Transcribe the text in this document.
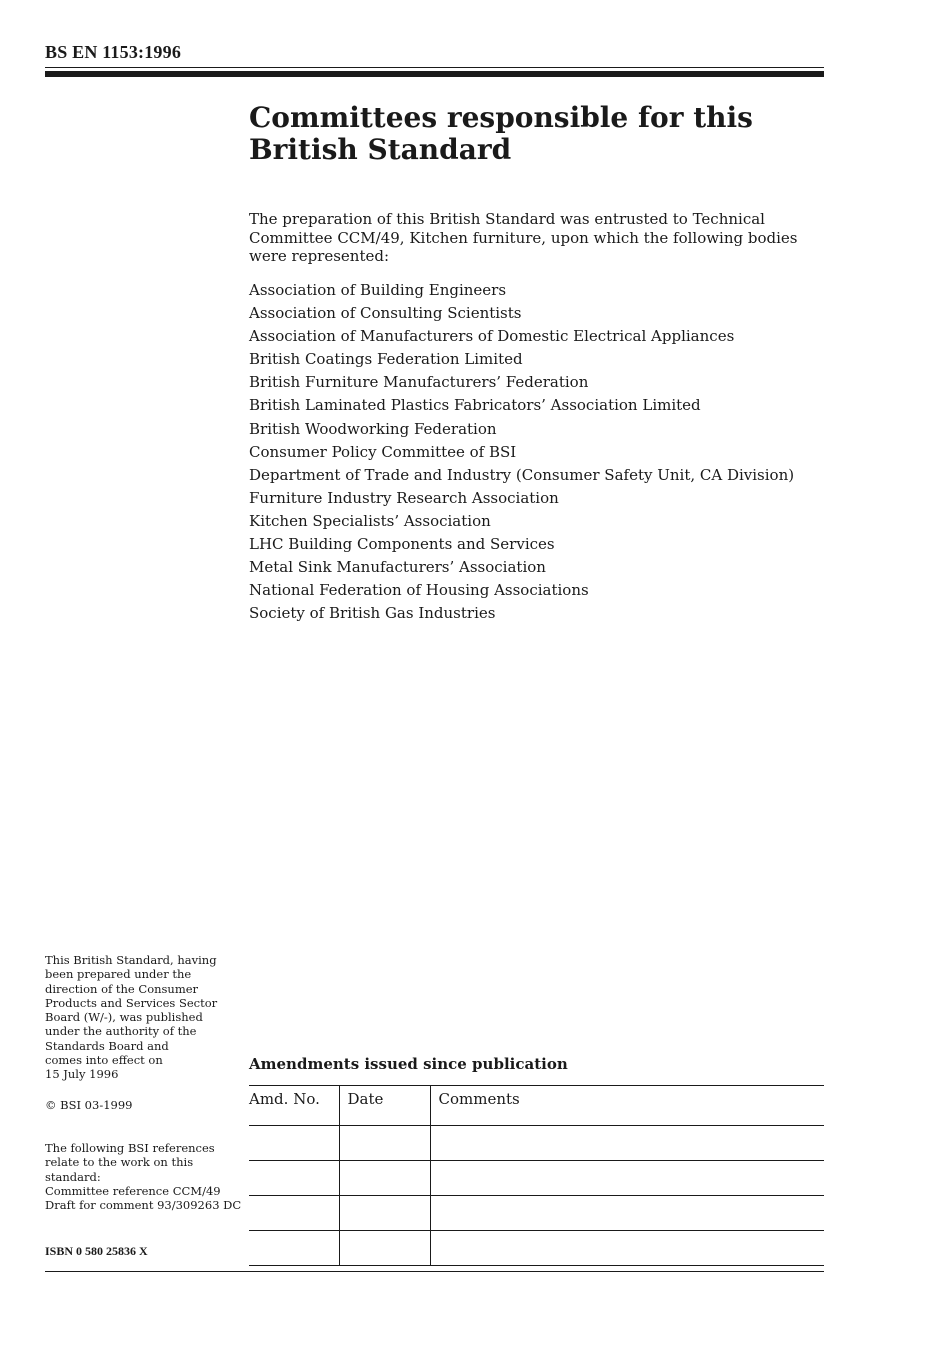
BS EN 1153:1996
Committees responsible for this
British Standard

The preparation of this British Standard was entrusted to Technical Committee CCM/49, Kitchen furniture, upon which the following bodies were represented:

Association of Building Engineers
Association of Consulting Scientists
Association of Manufacturers of Domestic Electrical Appliances
British Coatings Federation Limited
British Furniture Manufacturers’ Federation
British Laminated Plastics Fabricators’ Association Limited
British Woodworking Federation
Consumer Policy Committee of BSI
Department of Trade and Industry (Consumer Safety Unit, CA Division)
Furniture Industry Research Association
Kitchen Specialists’ Association
LHC Building Components and Services
Metal Sink Manufacturers’ Association
National Federation of Housing Associations
Society of British Gas Industries
This British Standard, having
been prepared under the
direction of the Consumer
Products and Services Sector
Board (W/-), was published
under the authority of the
Standards Board and
comes into effect on
15 July 1996
© BSI 03-1999
The following BSI references
relate to the work on this
standard:
Committee reference CCM/49
Draft for comment 93/309263 DC
ISBN 0 580 25836 X
Amendments issued since publication
Amd. No.	Date	Comments
